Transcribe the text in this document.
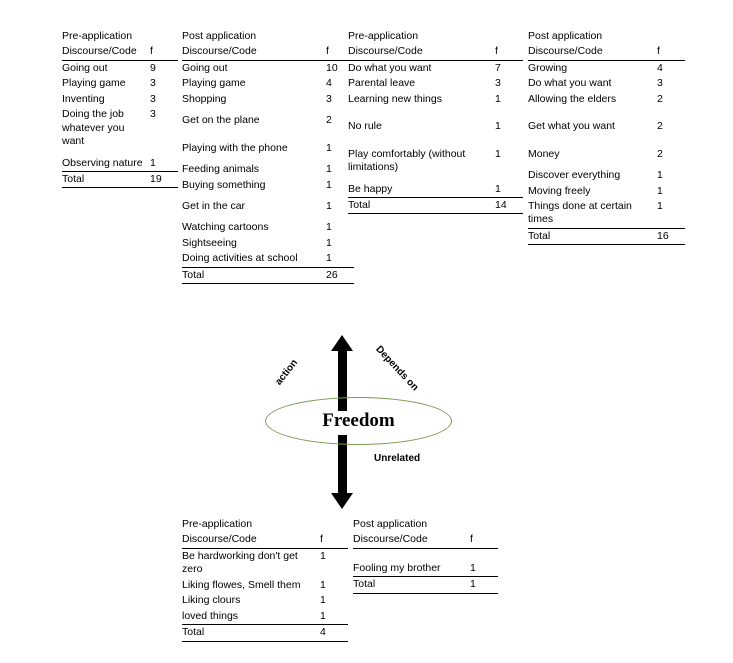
Pre-application
Discourse/Code	f
Going out	9
Playing game	3
Inventing	3
Doing the job whatever you want	3

Observing nature	1
Total	19
Post application
Discourse/Code	f
Going out	10
Playing game	4
Shopping	3

Get on the plane	2

Playing with the phone	1

Feeding animals	1
Buying something	1

Get in the car	1

Watching cartoons	1
Sightseeing	1
Doing activities at school	1
Total	26
Pre-application
Discourse/Code	f
Do what you want	7
Parental leave	3
Learning new things	1

No rule	1

Play comfortably (without limitations)	1

Be happy	1
Total	14
Post application
Discourse/Code	f
Growing	4
Do what you want	3
Allowing the elders	2

Get what you want	2

Money	2

Discover everything	1
Moving freely	1
Things done at certain times	1
Total	16
Freedom
action	Depends on
Unrelated
Pre-application
Discourse/Code	f
Be hardworking don't get zero	1
Liking flowes, Smell them	1
Liking clours	1
loved things	1
Total	4
Post application
Discourse/Code	f

Fooling my brother	1
Total	1
